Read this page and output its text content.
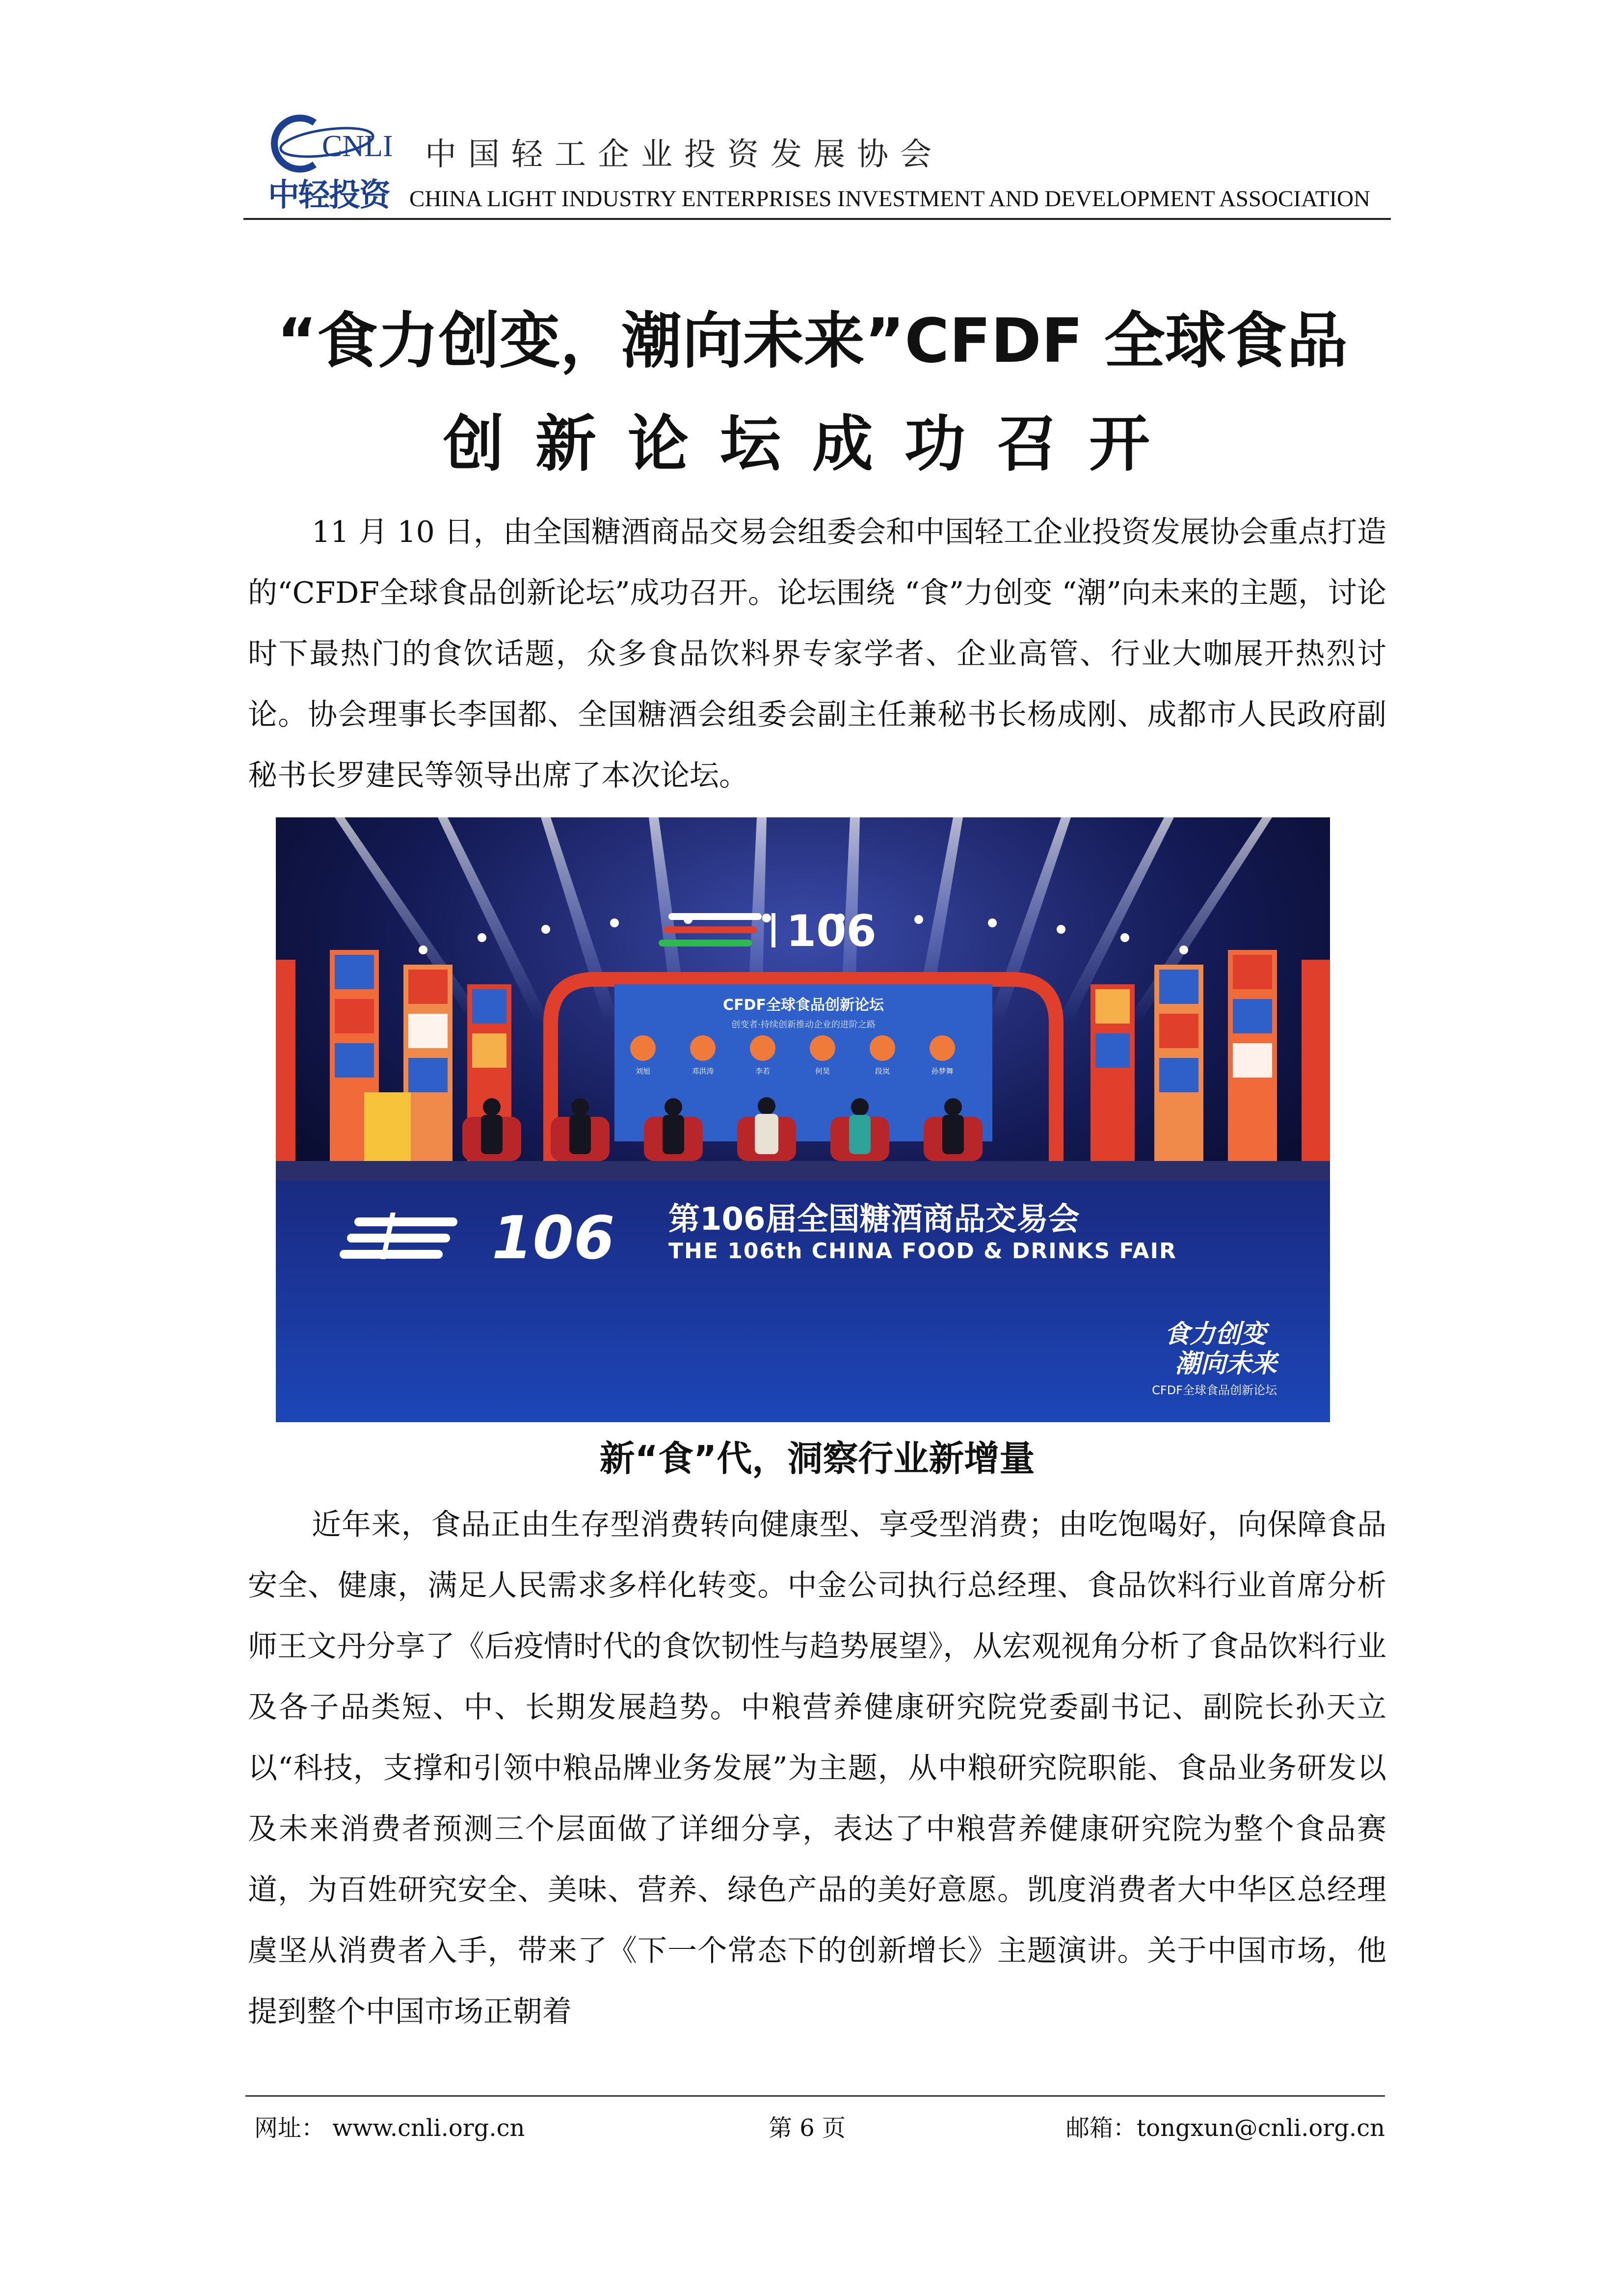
CNLI
中轻投资
中国轻工企业投资发展协会
CHINA LIGHT INDUSTRY ENTERPRISES INVESTMENT AND DEVELOPMENT ASSOCIATION
“食力创变，潮向未来”CFDF 全球食品
创新论坛成功召开

11 月 10 日，由全国糖酒商品交易会组委会和中国轻工企业投资发展协会重点打造的“CFDF全球食品创新论坛”成功召开。论坛围绕 “食”力创变 “潮”向未来的主题，讨论时下最热门的食饮话题，众多食品饮料界专家学者、企业高管、行业大咖展开热烈讨论。协会理事长李国都、全国糖酒会组委会副主任兼秘书长杨成刚、成都市人民政府副秘书长罗建民等领导出席了本次论坛。

106
CFDF全球食品创新论坛
创变者·持续创新推动企业的进阶之路
刘旭	邓洪涛	李若	何昊	段岚	孙梦舞
106 第106届全国糖酒商品交易会
THE 106th CHINA FOOD & DRINKS FAIR
食力创变
潮向未来
CFDF全球食品创新论坛
新“食”代，洞察行业新增量

近年来，食品正由生存型消费转向健康型、享受型消费；由吃饱喝好，向保障食品安全、健康，满足人民需求多样化转变。中金公司执行总经理、食品饮料行业首席分析师王文丹分享了《后疫情时代的食饮韧性与趋势展望》，从宏观视角分析了食品饮料行业及各子品类短、中、长期发展趋势。中粮营养健康研究院党委副书记、副院长孙天立以“科技，支撑和引领中粮品牌业务发展”为主题，从中粮研究院职能、食品业务研发以及未来消费者预测三个层面做了详细分享，表达了中粮营养健康研究院为整个食品赛道，为百姓研究安全、美味、营养、绿色产品的美好意愿。凯度消费者大中华区总经理虞坚从消费者入手，带来了《下一个常态下的创新增长》主题演讲。关于中国市场，他提到整个中国市场正朝着

网址： www.cnli.org.cn	第 6 页	邮箱：tongxun@cnli.org.cn
